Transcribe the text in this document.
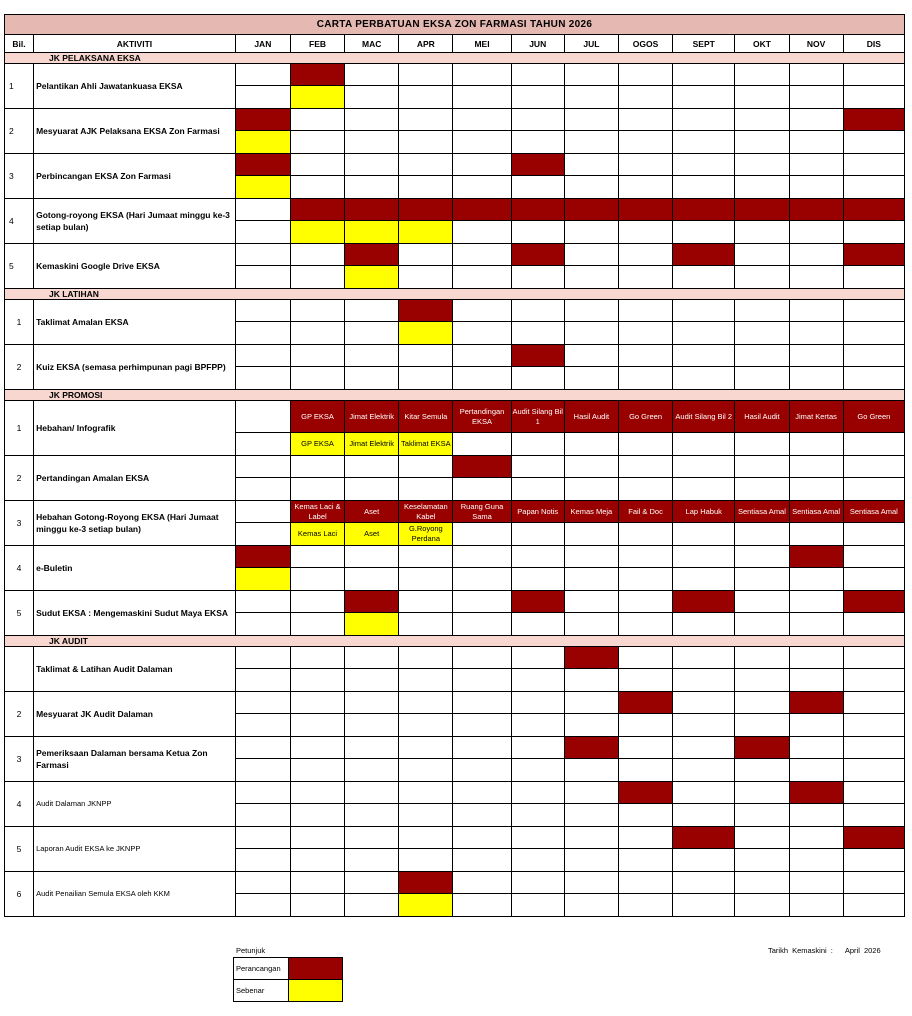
CARTA PERBATUAN EKSA ZON FARMASI TAHUN 2026													
Bil.	AKTIVITI	JAN	FEB	MAC	APR	MEI	JUN	JUL	OGOS	SEPT	OKT	NOV	DIS
JK PELAKSANA EKSA													
1	Pelantikan Ahli Jawatankuasa EKSA												

2	Mesyuarat AJK Pelaksana EKSA Zon Farmasi												

3	Perbincangan EKSA Zon Farmasi												

4	Gotong-royong EKSA (Hari Jumaat minggu ke-3 setiap bulan)												

5	Kemaskini Google Drive EKSA												

JK LATIHAN													
1	Taklimat Amalan EKSA												

2	Kuiz EKSA (semasa perhimpunan pagi BPFPP)												

JK PROMOSI													
1	Hebahan/ Infografik		GP EKSA	Jimat Elektrik	Kitar Semula	Pertandingan EKSA	Audit Silang Bil 1	Hasil Audit	Go Green	Audit Silang Bil 2	Hasil Audit	Jimat Kertas	Go Green
			GP EKSA	Jimat Elektrik	Taklimat EKSA								
2	Pertandingan Amalan EKSA												

3	Hebahan Gotong-Royong EKSA (Hari Jumaat minggu ke-3 setiap bulan)		Kemas Laci & Label	Aset	Keselamatan Kabel	Ruang Guna Sama	Papan Notis	Kemas Meja	Fail & Doc	Lap Habuk	Sentiasa Amal	Sentiasa Amal	Sentiasa Amal
			Kemas Laci	Aset	G.Royong Perdana								
4	e-Buletin												

5	Sudut EKSA : Mengemaskini Sudut Maya EKSA												

JK AUDIT													
	Taklimat & Latihan Audit Dalaman												

2	Mesyuarat JK Audit Dalaman												

3	Pemeriksaan Dalaman bersama Ketua Zon Farmasi												

4	Audit Dalaman JKNPP												

5	Laporan Audit EKSA ke JKNPP												

6	Audit Penailian Semula EKSA oleh KKM												

Petunjuk
Perancangan	
Sebenar	
Tarikh Kemaskini : April 2026
